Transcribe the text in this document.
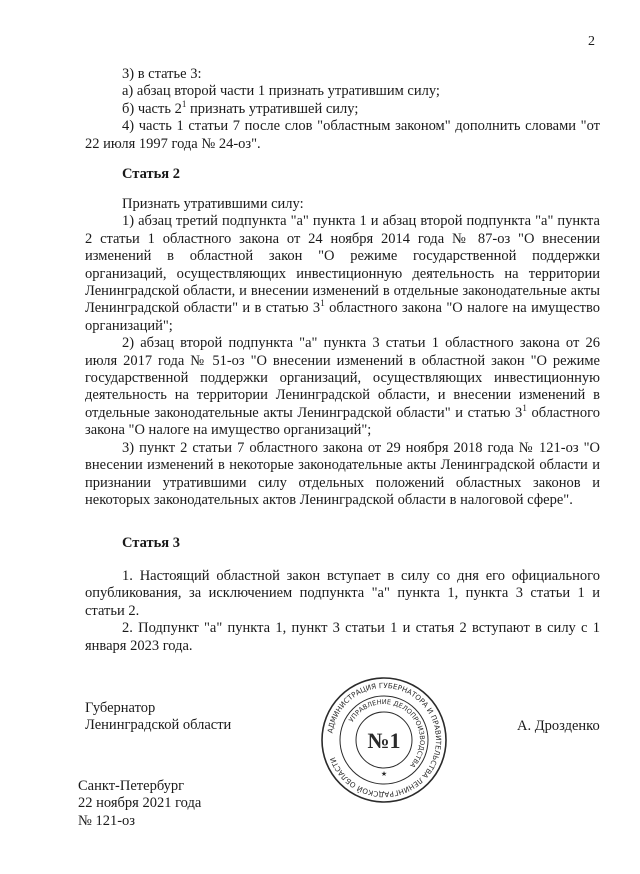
2

3) в статье 3:

а) абзац второй части 1 признать утратившим силу;

б) часть $2^1$ признать утратившей силу;

4) часть 1 статьи 7 после слов "областным законом" дополнить словами "от 22 июля 1997 года № 24-оз".

Статья 2

Признать утратившими силу:

1) абзац третий подпункта "а" пункта 1 и абзац второй подпункта "а" пункта 2 статьи 1 областного закона от 24 ноября 2014 года № 87-оз "О внесении изменений в областной закон "О режиме государственной поддержки организаций, осуществляющих инвестиционную деятельность на территории Ленинградской области, и внесении изменений в отдельные законодательные акты Ленинградской области" и в статью $3^1$ областного закона "О налоге на имущество организаций";

2) абзац второй подпункта "а" пункта 3 статьи 1 областного закона от 26 июля 2017 года № 51-оз "О внесении изменений в областной закон "О режиме государственной поддержки организаций, осуществляющих инвестиционную деятельность на территории Ленинградской области, и внесении изменений в отдельные законодательные акты Ленинградской области" и статью $3^1$ областного закона "О налоге на имущество организаций";

3) пункт 2 статьи 7 областного закона от 29 ноября 2018 года № 121-оз "О внесении изменений в некоторые законодательные акты Ленинградской области и признании утратившими силу отдельных положений областных законов и некоторых законодательных актов Ленинградской области в налоговой сфере".

Статья 3

1. Настоящий областной закон вступает в силу со дня его официального опубликования, за исключением подпункта "а" пункта 1, пункта 3 статьи 1 и статьи 2.

2. Подпункт "а" пункта 1, пункт 3 статьи 1 и статья 2 вступают в силу с 1 января 2023 года.

Губернатор
Ленинградской области	А. Дрозденко
АДМИНИСТРАЦИЯ ГУБЕРНАТОРА И ПРАВИТЕЛЬСТВА ЛЕНИНГРАДСКОЙ ОБЛАСТИ
УПРАВЛЕНИЕ ДЕЛОПРОИЗВОДСТВА
№1
★
Санкт-Петербург
22 ноября 2021 года
№ 121-оз
